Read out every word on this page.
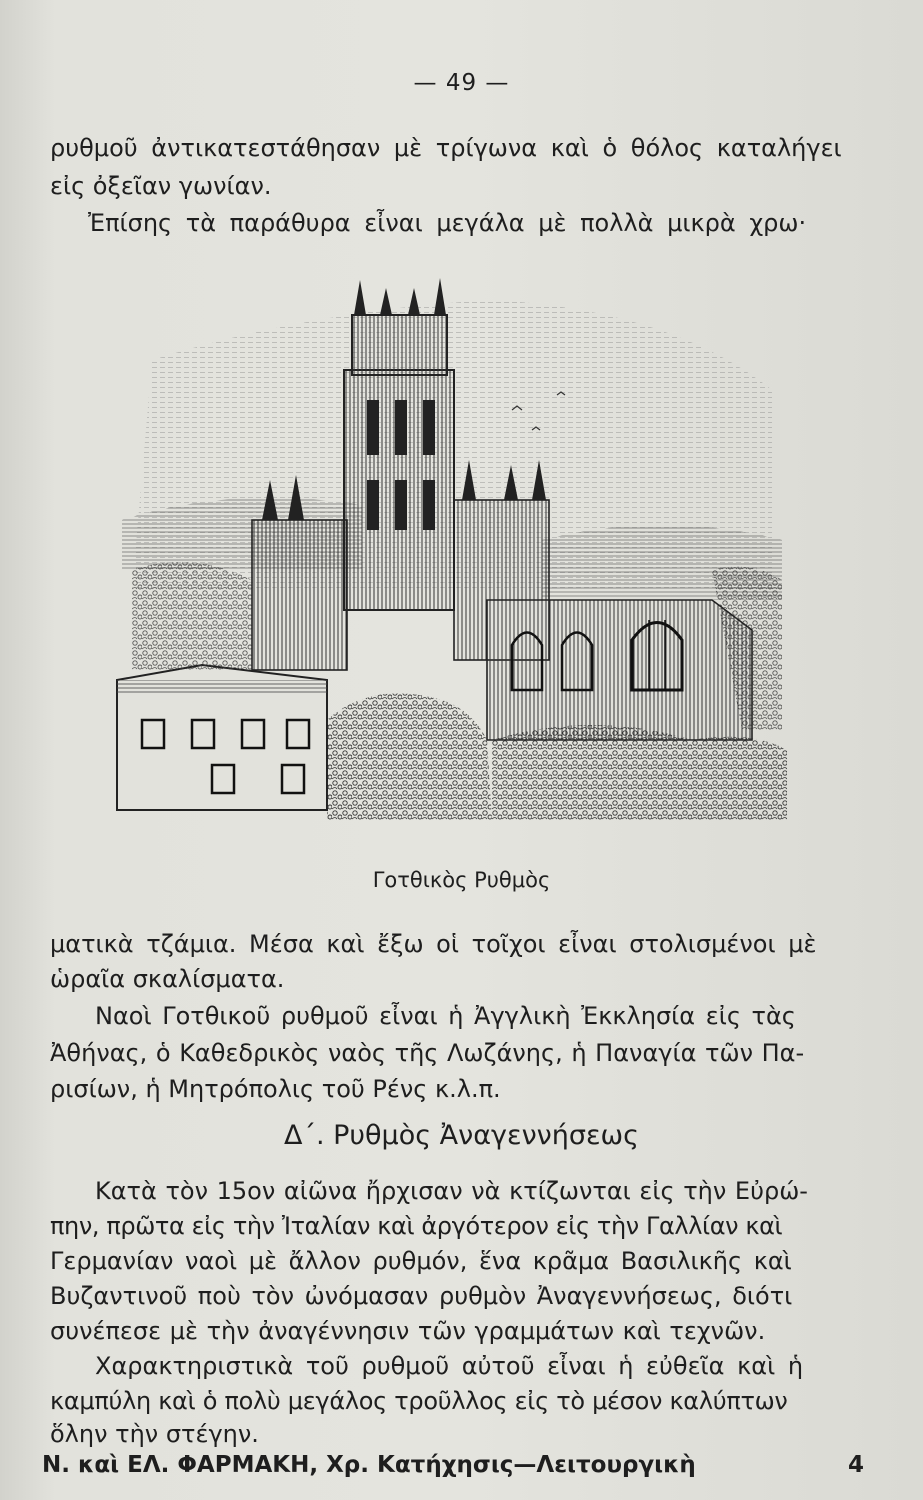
— 49 —
ρυθμοῦ ἀντικατεστάθησαν μὲ τρίγωνα καὶ ὁ θόλος καταλήγει
εἰς ὀξεῖαν γωνίαν.
Ἐπίσης τὰ παράθυρα εἶναι μεγάλα μὲ πολλὰ μικρὰ χρω·
Γοτθικὸς Ρυθμὸς
ματικὰ τζάμια. Μέσα καὶ ἔξω οἱ τοῖχοι εἶναι στολισμένοι μὲ
ὡραῖα σκαλίσματα.
Ναοὶ Γοτθικοῦ ρυθμοῦ εἶναι ἡ Ἀγγλικὴ Ἐκκλησία εἰς τὰς
Ἀθήνας, ὁ Καθεδρικὸς ναὸς τῆς Λωζάνης, ἡ Παναγία τῶν Πα-
ρισίων, ἡ Μητρόπολις τοῦ Ρένς κ.λ.π.
Δ΄. Ρυθμὸς Ἀναγεννήσεως
Κατὰ τὸν 15ον αἰῶνα ἤρχισαν νὰ κτίζωνται εἰς τὴν Εὐρώ-
πην, πρῶτα εἰς τὴν Ἰταλίαν καὶ ἀργότερον εἰς τὴν Γαλλίαν καὶ
Γερμανίαν ναοὶ μὲ ἄλλον ρυθμόν, ἕνα κρᾶμα Βασιλικῆς καὶ
Βυζαντινοῦ ποὺ τὸν ὠνόμασαν ρυθμὸν Ἀναγεννήσεως, διότι
συνέπεσε μὲ τὴν ἀναγέννησιν τῶν γραμμάτων καὶ τεχνῶν.
Χαρακτηριστικὰ τοῦ ρυθμοῦ αὐτοῦ εἶναι ἡ εὐθεῖα καὶ ἡ
καμπύλη καὶ ὁ πολὺ μεγάλος τροῦλλος εἰς τὸ μέσον καλύπτων
ὅλην τὴν στέγην.
Ν. καὶ ΕΛ. ΦΑΡΜΑΚΗ, Χρ. Κατήχησις—Λειτουργικὴ	4
